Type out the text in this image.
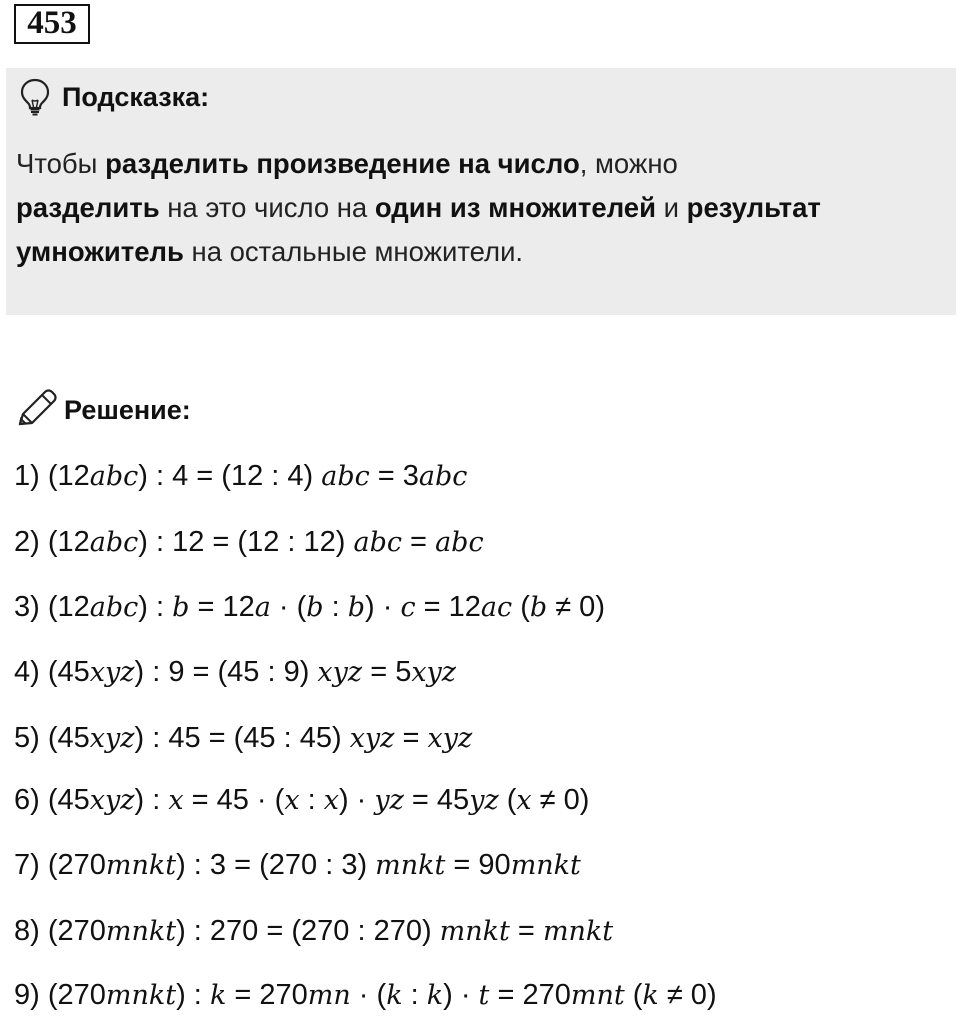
453
Подсказка:
Чтобы разделить произведение на число, можно
разделить на это число на один из множителей и результат
умножитель на остальные множители.
Решение:
1) (12abc) : 4 = (12 : 4) abc = 3abc
2) (12abc) : 12 = (12 : 12) abc = abc
3) (12abc) : b = 12a · (b : b) · c = 12ac (b ≠ 0)
4) (45xyz) : 9 = (45 : 9) xyz = 5xyz
5) (45xyz) : 45 = (45 : 45) xyz = xyz
6) (45xyz) : x = 45 · (x : x) · yz = 45yz (x ≠ 0)
7) (270mnkt) : 3 = (270 : 3) mnkt = 90mnkt
8) (270mnkt) : 270 = (270 : 270) mnkt = mnkt
9) (270mnkt) : k = 270mn · (k : k) · t = 270mnt (k ≠ 0)
